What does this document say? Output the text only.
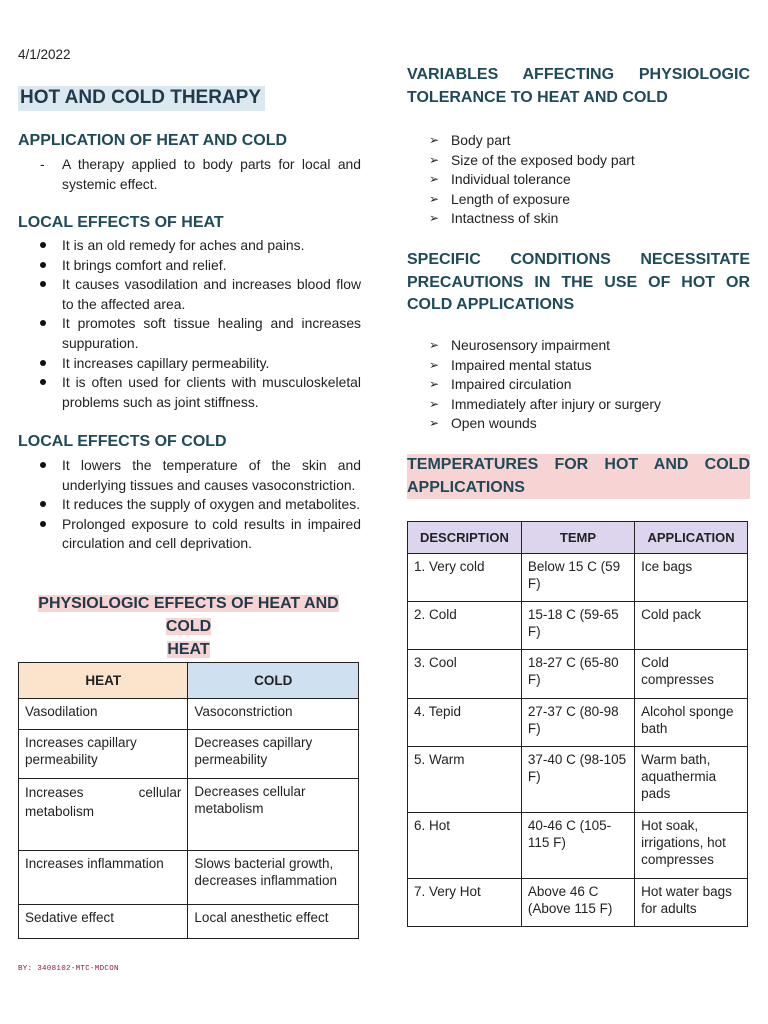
4/1/2022
HOT AND COLD THERAPY
APPLICATION OF HEAT AND COLD
- A therapy applied to body parts for local and systemic effect.
LOCAL EFFECTS OF HEAT
It is an old remedy for aches and pains.
It brings comfort and relief.
It causes vasodilation and increases blood flow to the affected area.
It promotes soft tissue healing and increases suppuration.
It increases capillary permeability.
It is often used for clients with musculoskeletal problems such as joint stiffness.
LOCAL EFFECTS OF COLD
It lowers the temperature of the skin and underlying tissues and causes vasoconstriction.
It reduces the supply of oxygen and metabolites.
Prolonged exposure to cold results in impaired circulation and cell deprivation.
PHYSIOLOGIC EFFECTS OF HEAT AND COLD
HEAT
HEAT	COLD
Vasodilation	Vasoconstriction
Increases capillary permeability	Decreases capillary permeability

Increases cellular metabolism	Decreases cellular metabolism
Increases inflammation	Slows bacterial growth, decreases inflammation
Sedative effect	Local anesthetic effect
BY: 3408102-MTC-MDCON
VARIABLES AFFECTING PHYSIOLOGIC TOLERANCE TO HEAT AND COLD
➢ Body part
➢ Size of the exposed body part
➢ Individual tolerance
➢ Length of exposure
➢ Intactness of skin
SPECIFIC CONDITIONS NECESSITATE PRECAUTIONS IN THE USE OF HOT OR COLD APPLICATIONS
➢ Neurosensory impairment
➢ Impaired mental status
➢ Impaired circulation
➢ Immediately after injury or surgery
➢ Open wounds
TEMPERATURES FOR HOT AND COLD APPLICATIONS
DESCRIPTION	TEMP	APPLICATION
1. Very cold	Below 15 C (59 F)	Ice bags
2. Cold	15-18 C (59-65 F)	Cold pack
3. Cool	18-27 C (65-80 F)	Cold compresses
4. Tepid	27-37 C (80-98 F)	Alcohol sponge bath
5. Warm	37-40 C (98-105 F)	Warm bath, aquathermia pads
6. Hot	40-46 C (105-115 F)	Hot soak, irrigations, hot compresses
7. Very Hot	Above 46 C (Above 115 F)	Hot water bags for adults
